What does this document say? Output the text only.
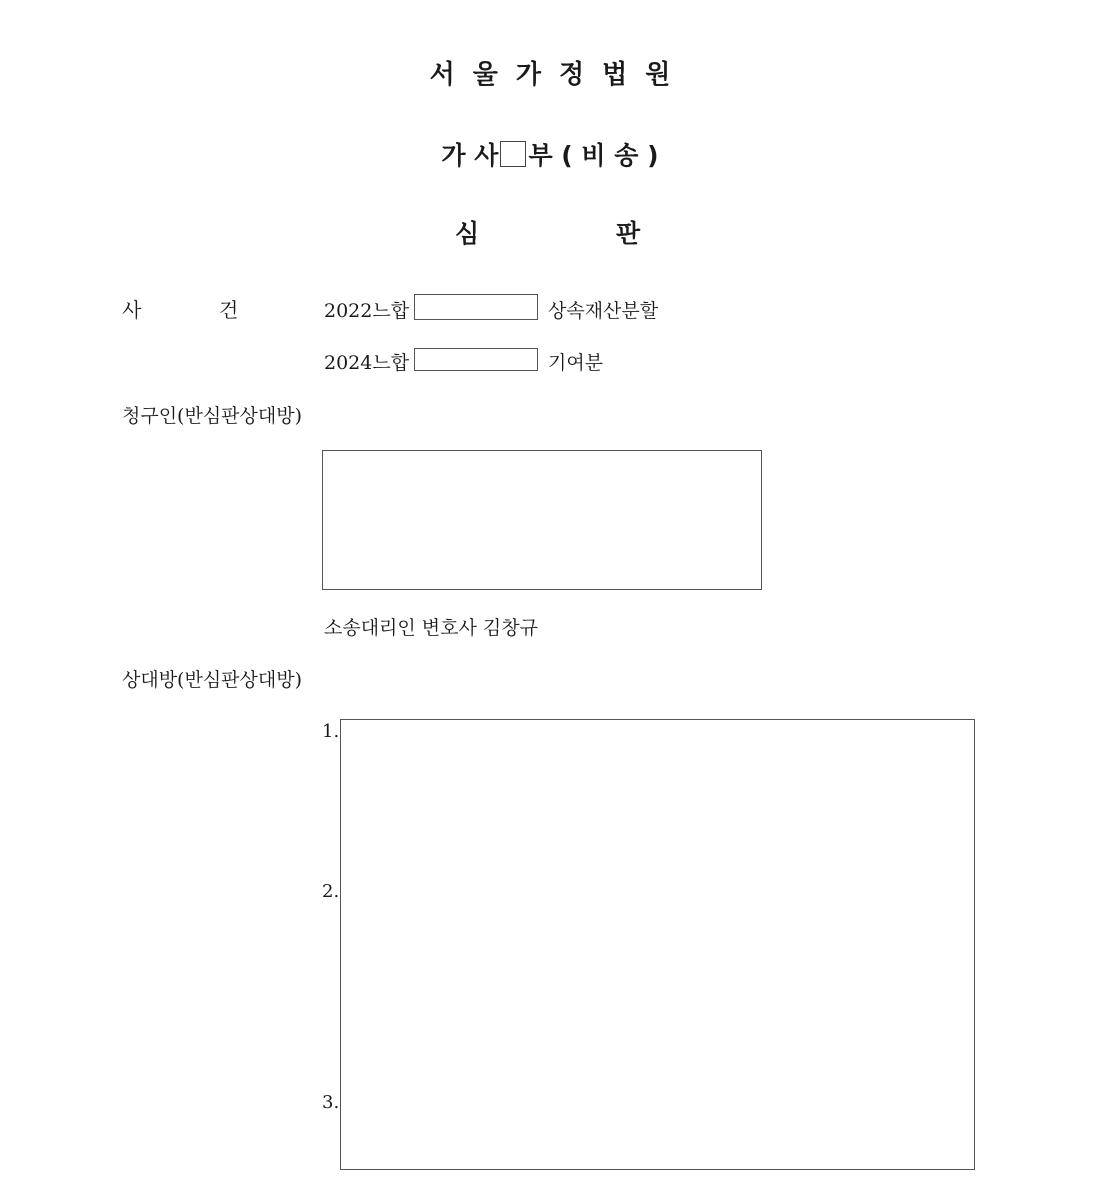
서울가정법원
가 사 부 ( 비 송 )
심	판
사	건	2022느합	상속재산분할
2024느합	기여분
청구인(반심판상대방)
소송대리인 변호사 김창규
상대방(반심판상대방)
1.
2.
3.
